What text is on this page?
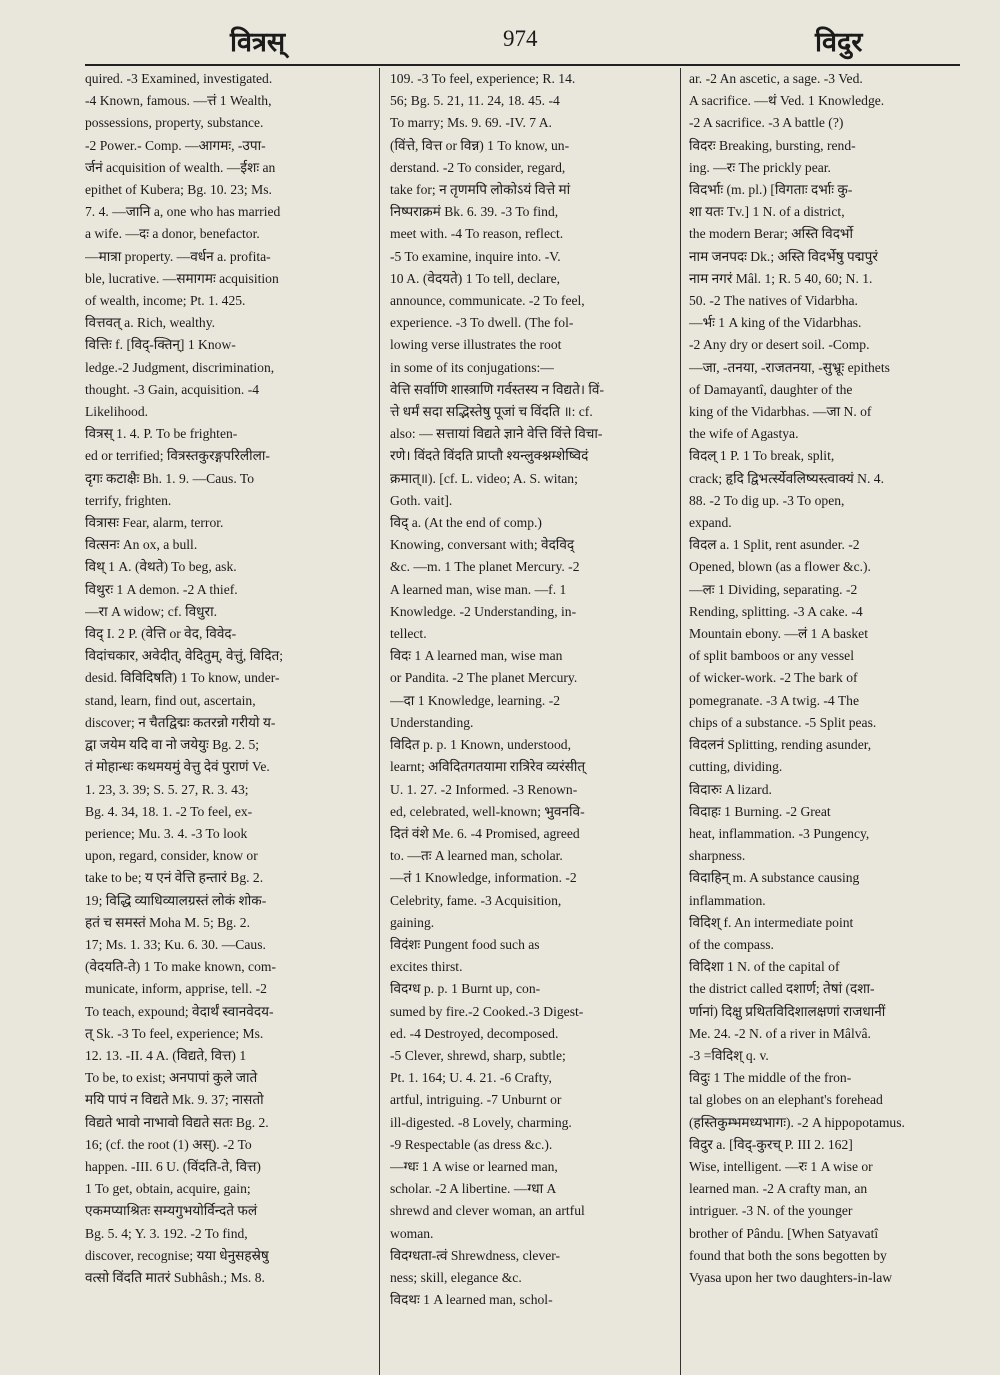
वित्रस्	974	विदुर
quired. -3 Examined, investigated.
-4 Known, famous. —त्तं 1 Wealth,
possessions, property, substance.
-2 Power.- Comp. —आगमः, -उपा-
र्जनं acquisition of wealth. —ईशः an
epithet of Kubera; Bg. 10. 23; Ms.
7. 4. —जानि a, one who has married
a wife. —दः a donor, benefactor.
—मात्रा property. —वर्धन a. profita-
ble, lucrative. —समागमः acquisition
of wealth, income; Pt. 1. 425.
वित्तवत् a. Rich, wealthy.
वित्तिः f. [विद्-क्तिन्] 1 Know-
ledge.-2 Judgment, discrimination,
thought. -3 Gain, acquisition. -4
Likelihood.
वित्रस् 1. 4. P. To be frighten-
ed or terrified; वित्रस्तकुरङ्गपरिलीला-
दृगः कटाक्षैः Bh. 1. 9. —Caus. To
terrify, frighten.
वित्रासः Fear, alarm, terror.
वित्सनः An ox, a bull.
विथ् 1 A. (वेथते) To beg, ask.
विथुरः 1 A demon. -2 A thief.
—रा A widow; cf. विधुरा.
विद् I. 2 P. (वेत्ति or वेद, विवेद-
विदांचकार, अवेदीत्, वेदितुम्, वेत्तुं, विदित;
desid. विविदिषति) 1 To know, under-
stand, learn, find out, ascertain,
discover; न चैतद्विद्मः कतरन्नो गरीयो य-
द्वा जयेम यदि वा नो जयेयुः Bg. 2. 5;
तं मोहान्धः कथमयमुं वेत्तु देवं पुराणं Ve.
1. 23, 3. 39; S. 5. 27, R. 3. 43;
Bg. 4. 34, 18. 1. -2 To feel, ex-
perience; Mu. 3. 4. -3 To look
upon, regard, consider, know or
take to be; य एनं वेत्ति हन्तारं Bg. 2.
19; विद्धि व्याधिव्यालग्रस्तं लोकं शोक-
हतं च समस्तं Moha M. 5; Bg. 2.
17; Ms. 1. 33; Ku. 6. 30. —Caus.
(वेदयति-ते) 1 To make known, com-
municate, inform, apprise, tell. -2
To teach, expound; वेदार्थं स्वानवेदय-
त् Sk. -3 To feel, experience; Ms.
12. 13. -II. 4 A. (विद्यते, वित्त) 1
To be, to exist; अनपापां कुले जाते
मयि पापं न विद्यते Mk. 9. 37; नासतो
विद्यते भावो नाभावो विद्यते सतः Bg. 2.
16; (cf. the root (1) अस्). -2 To
happen. -III. 6 U. (विंदति-ते, वित्त)
1 To get, obtain, acquire, gain;
एकमप्याश्रितः सम्यगुभयोर्विन्दते फलं
Bg. 5. 4; Y. 3. 192. -2 To find,
discover, recognise; यया धेनुसहस्रेषु
वत्सो विंदति मातरं Subhâsh.; Ms. 8.
109. -3 To feel, experience; R. 14.
56; Bg. 5. 21, 11. 24, 18. 45. -4
To marry; Ms. 9. 69. -IV. 7 A.
(विंत्ते, वित्त or विन्न) 1 To know, un-
derstand. -2 To consider, regard,
take for; न तृणमपि लोकोऽयं वित्ते मां
निष्पराक्रमं Bk. 6. 39. -3 To find,
meet with. -4 To reason, reflect.
-5 To examine, inquire into. -V.
10 A. (वेदयते) 1 To tell, declare,
announce, communicate. -2 To feel,
experience. -3 To dwell. (The fol-
lowing verse illustrates the root
in some of its conjugations:—
वेत्ति सर्वाणि शास्त्राणि गर्वस्तस्य न विद्यते। विं-
त्ते धर्मं सदा सद्भिस्तेषु पूजां च विंदति ॥: cf.
also: — सत्तायां विद्यते ज्ञाने वेत्ति विंत्ते विचा-
रणे। विंदते विंदति प्राप्तौ श्यन्लुक्श्नम्शेष्विदं
क्रमात्॥). [cf. L. video; A. S. witan;
Goth. vait].
विद् a. (At the end of comp.)
Knowing, conversant with; वेदविद्
&c. —m. 1 The planet Mercury. -2
A learned man, wise man. —f. 1
Knowledge. -2 Understanding, in-
tellect.
विदः 1 A learned man, wise man
or Pandita. -2 The planet Mercury.
—दा 1 Knowledge, learning. -2
Understanding.
विदित p. p. 1 Known, understood,
learnt; अविदितगतयामा रात्रिरेव व्यरंसीत्
U. 1. 27. -2 Informed. -3 Renown-
ed, celebrated, well-known; भुवनवि-
दितं वंशे Me. 6. -4 Promised, agreed
to. —तः A learned man, scholar.
—तं 1 Knowledge, information. -2
Celebrity, fame. -3 Acquisition,
gaining.
विदंशः Pungent food such as
excites thirst.
विदग्ध p. p. 1 Burnt up, con-
sumed by fire.-2 Cooked.-3 Digest-
ed. -4 Destroyed, decomposed.
-5 Clever, shrewd, sharp, subtle;
Pt. 1. 164; U. 4. 21. -6 Crafty,
artful, intriguing. -7 Unburnt or
ill-digested. -8 Lovely, charming.
-9 Respectable (as dress &c.).
—ग्धः 1 A wise or learned man,
scholar. -2 A libertine. —ग्धा A
shrewd and clever woman, an artful
woman.
विदग्धता-त्वं Shrewdness, clever-
ness; skill, elegance &c.
विदथः 1 A learned man, schol-
ar. -2 An ascetic, a sage. -3 Ved.
A sacrifice. —थं Ved. 1 Knowledge.
-2 A sacrifice. -3 A battle (?)
विदरः Breaking, bursting, rend-
ing. —रः The prickly pear.
विदर्भाः (m. pl.) [विगताः दर्भाः कु-
शा यतः Tv.] 1 N. of a district,
the modern Berar; अस्ति विदर्भो
नाम जनपदः Dk.; अस्ति विदर्भेषु पद्मपुरं
नाम नगरं Mâl. 1; R. 5 40, 60; N. 1.
50. -2 The natives of Vidarbha.
—र्भः 1 A king of the Vidarbhas.
-2 Any dry or desert soil. -Comp.
—जा, -तनया, -राजतनया, -सुभ्रूः epithets
of Damayantî, daughter of the
king of the Vidarbhas. —जा N. of
the wife of Agastya.
विदल् 1 P. 1 To break, split,
crack; हृदि द्विभर्त्स्येवलिष्यस्त्वाक्यं N. 4.
88. -2 To dig up. -3 To open,
expand.
विदल a. 1 Split, rent asunder. -2
Opened, blown (as a flower &c.).
—लः 1 Dividing, separating. -2
Rending, splitting. -3 A cake. -4
Mountain ebony. —लं 1 A basket
of split bamboos or any vessel
of wicker-work. -2 The bark of
pomegranate. -3 A twig. -4 The
chips of a substance. -5 Split peas.
विदलनं Splitting, rending asunder,
cutting, dividing.
विदारुः A lizard.
विदाहः 1 Burning. -2 Great
heat, inflammation. -3 Pungency,
sharpness.
विदाहिन् m. A substance causing
inflammation.
विदिश् f. An intermediate point
of the compass.
विदिशा 1 N. of the capital of
the district called दशार्ण; तेषां (दशा-
र्णानां) दिक्षु प्रथितविदिशालक्षणां राजधानीं
Me. 24. -2 N. of a river in Mâlvâ.
-3 =विदिश् q. v.
विदुः 1 The middle of the fron-
tal globes on an elephant's forehead
(हस्तिकुम्भमध्यभागः). -2 A hippopotamus.
विदुर a. [विद्-कुरच् P. III 2. 162]
Wise, intelligent. —रः 1 A wise or
learned man. -2 A crafty man, an
intriguer. -3 N. of the younger
brother of Pându. [When Satyavatî
found that both the sons begotten by
Vyasa upon her two daughters-in-law
